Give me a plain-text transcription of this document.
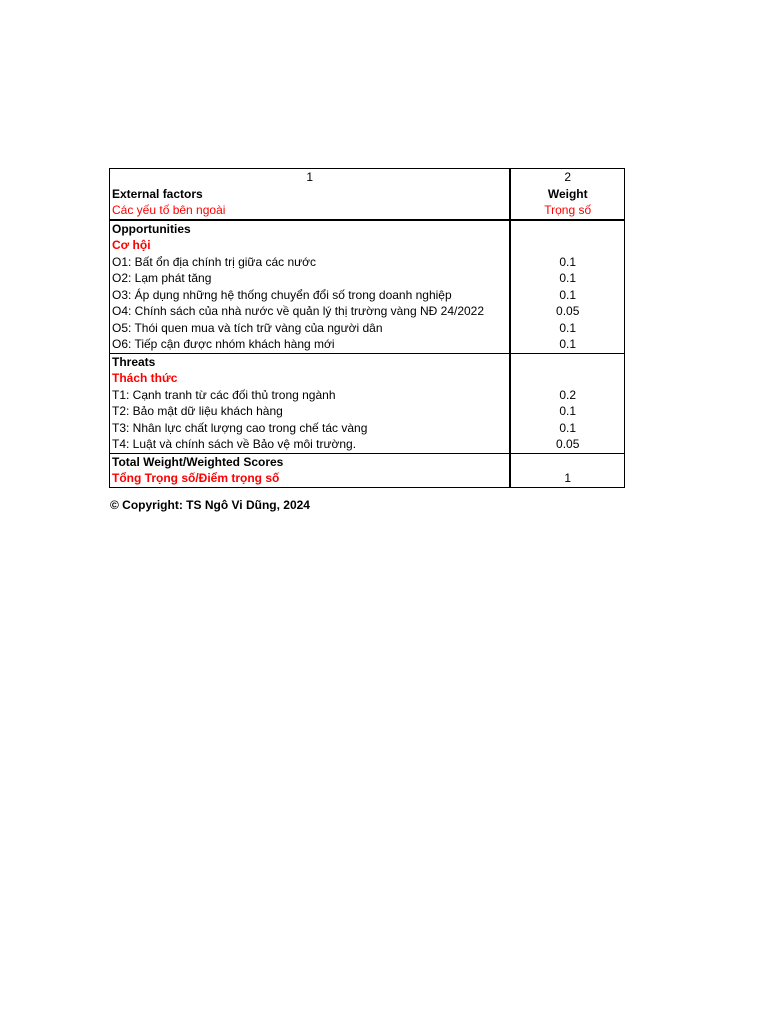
1	2
External factors	Weight
Các yếu tố bên ngoài	Trọng số
Opportunities	
Cơ hội	
O1: Bất ổn địa chính trị giữa các nước	0.1
O2: Lạm phát tăng	0.1
O3: Áp dụng những hệ thống chuyển đổi số trong doanh nghiệp	0.1
O4: Chính sách của nhà nước về quản lý thị trường vàng NĐ 24/2022	0.05
O5: Thói quen mua và tích trữ vàng của người dân	0.1
O6: Tiếp cận được nhóm khách hàng mới	0.1
Threats	
Thách thức	
T1: Cạnh tranh từ các đối thủ trong ngành	0.2
T2: Bảo mật dữ liệu khách hàng	0.1
T3: Nhân lực chất lượng cao trong chế tác vàng	0.1
T4: Luật và chính sách về Bảo vệ môi trường.	0.05
Total Weight/Weighted Scores	
Tổng Trọng số/Điểm trọng số	1
© Copyright: TS Ngô Vi Dũng, 2024
